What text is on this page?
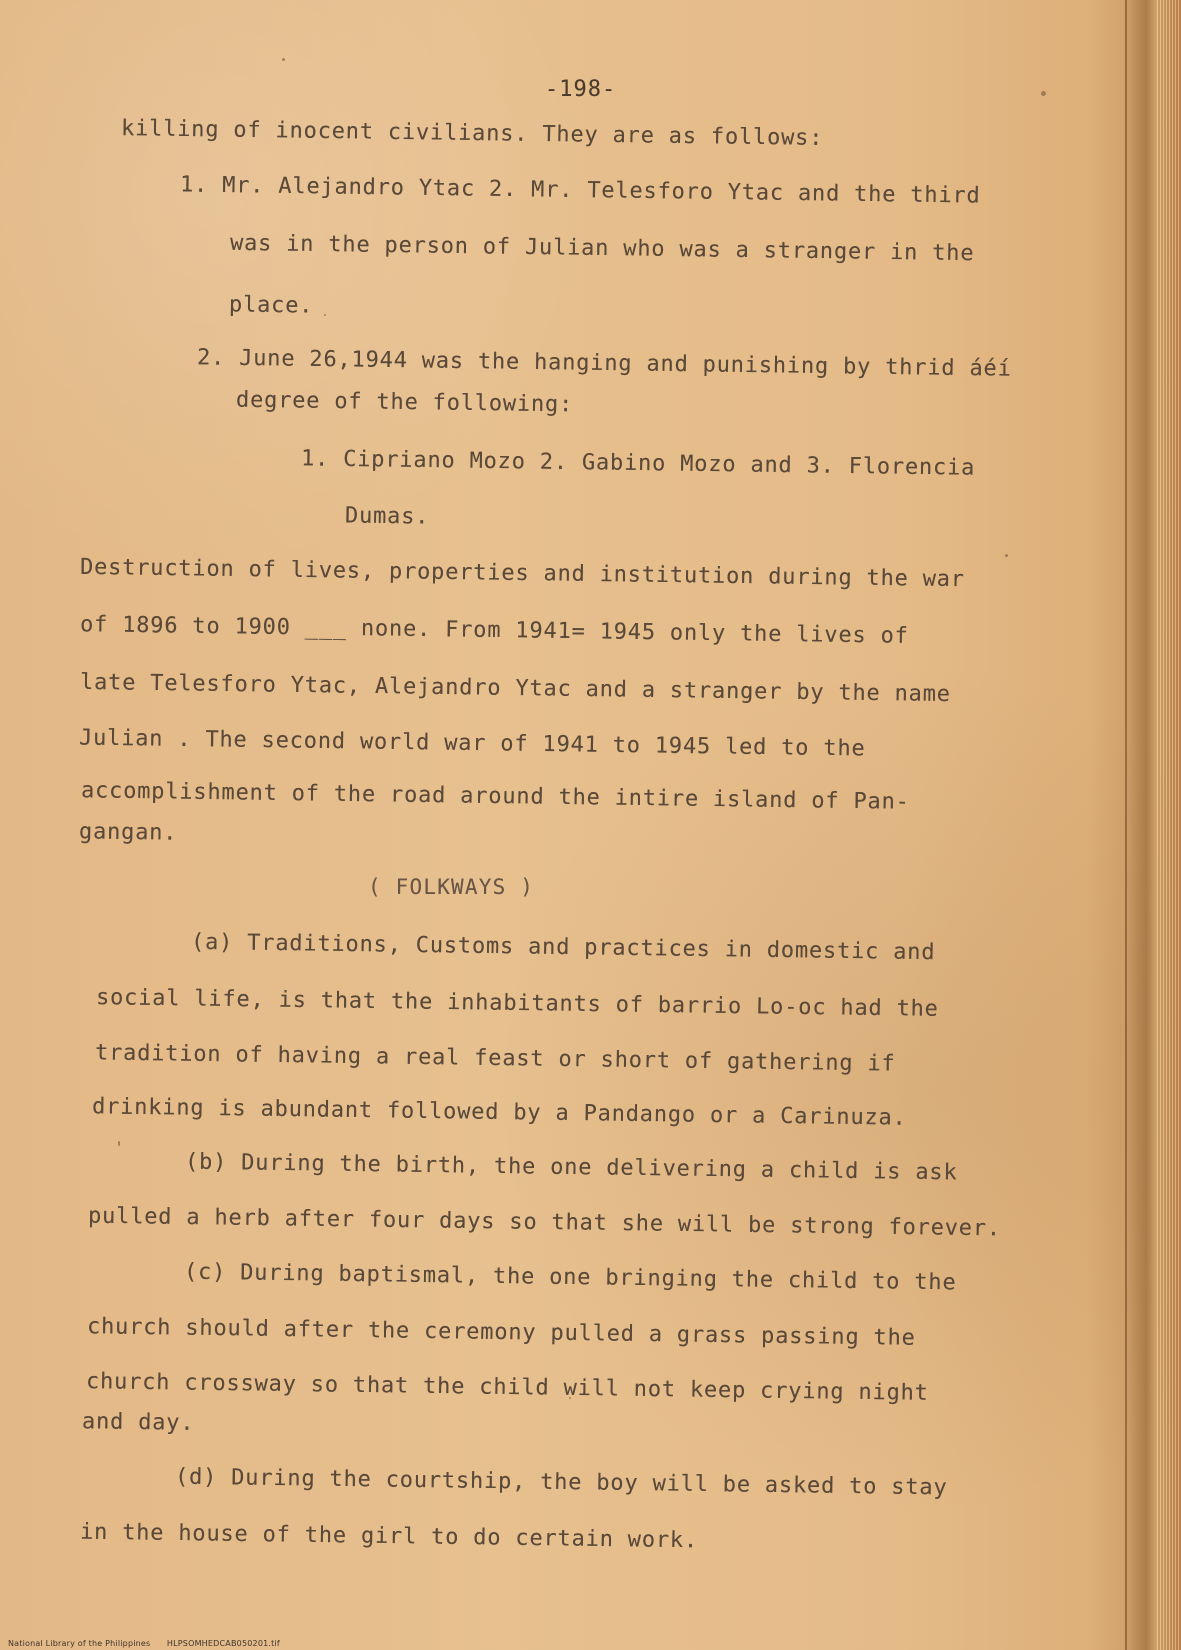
-198-
killing of inocent civilians. They are as follows:
1. Mr. Alejandro Ytac 2. Mr. Telesforo Ytac and the third
was in the person of Julian who was a stranger in the
place.
2. June 26,1944 was the hanging and punishing by thrid áéí
degree of the following:
1. Cipriano Mozo 2. Gabino Mozo and 3. Florencia
Dumas.
Destruction of lives, properties and institution during the war
of 1896 to 1900 ___ none. From 1941= 1945 only the lives of
late Telesforo Ytac, Alejandro Ytac and a stranger by the name
Julian . The second world war of 1941 to 1945 led to the
accomplishment of the road around the intire island of Pan-
gangan.
( FOLKWAYS )
(a) Traditions, Customs and practices in domestic and
social life, is that the inhabitants of barrio Lo-oc had the
tradition of having a real feast or short of gathering if
drinking is abundant followed by a Pandango or a Carinuza.
(b) During the birth, the one delivering a child is ask
pulled a herb after four days so that she will be strong forever.
(c) During baptismal, the one bringing the child to the
church should after the ceremony pulled a grass passing the
church crossway so that the child will not keep crying night
and day.
(d) During the courtship, the boy will be asked to stay
in the house of the girl to do certain work.
National Library of the Philippines HLPSOMHEDCAB050201.tif
